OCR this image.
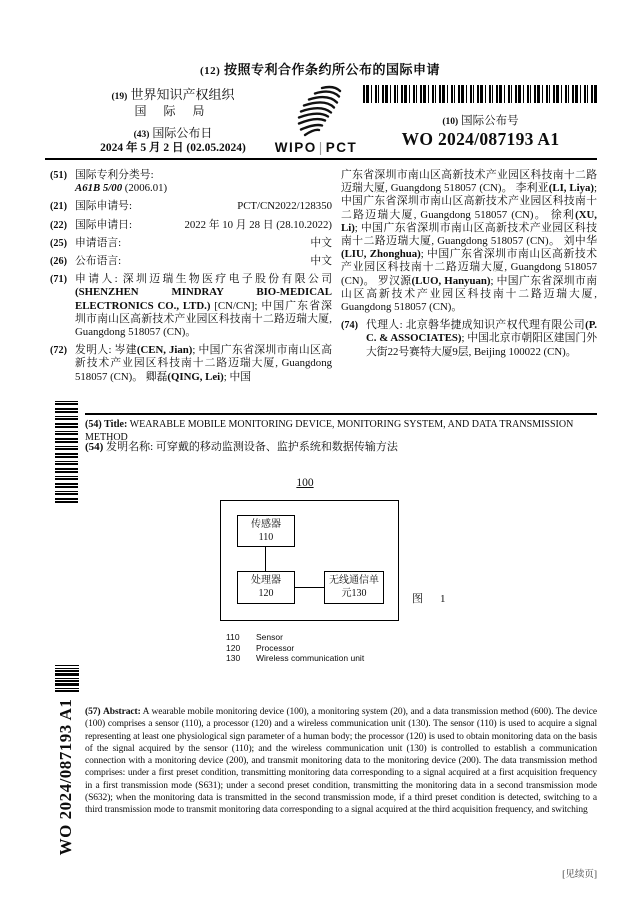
(12) 按照专利合作条约所公布的国际申请
(19) 世界知识产权组织
国 际 局
(43) 国际公布日
2024 年 5 月 2 日 (02.05.2024)	WIPO | PCT
(10) 国际公布号
WO 2024/087193 A1
(51) 国际专利分类号:
A61B 5/00 (2006.01)
(21) 国际申请号:	PCT/CN2022/128350
(22) 国际申请日:	2022 年 10 月 28 日 (28.10.2022)
(25) 申请语言:	中文
(26) 公布语言:	中文
(71) 申请人: 深圳迈瑞生物医疗电子股份有限公司 (SHENZHEN MINDRAY BIO-MEDICAL ELECTRONICS CO., LTD.) [CN/CN]; 中国广东省深圳市南山区高新技术产业园区科技南十二路迈瑞大厦, Guangdong 518057 (CN)。
(72) 发明人: 岑建(CEN, Jian); 中国广东省深圳市南山区高新技术产业园区科技南十二路迈瑞大厦, Guangdong 518057 (CN)。 卿磊(QING, Lei); 中国
广东省深圳市南山区高新技术产业园区科技南十二路迈瑞大厦, Guangdong 518057 (CN)。 李利亚(LI, Liya); 中国广东省深圳市南山区高新技术产业园区科技南十二路迈瑞大厦, Guangdong 518057 (CN)。 徐利(XU, Li); 中国广东省深圳市南山区高新技术产业园区科技南十二路迈瑞大厦, Guangdong 518057 (CN)。 刘中华(LIU, Zhonghua); 中国广东省深圳市南山区高新技术产业园区科技南十二路迈瑞大厦, Guangdong 518057 (CN)。 罗汉源(LUO, Hanyuan); 中国广东省深圳市南山区高新技术产业园区科技南十二路迈瑞大厦, Guangdong 518057 (CN)。
(74) 代理人: 北京磐华捷成知识产权代理有限公司(P. C. & ASSOCIATES); 中国北京市朝阳区建国门外大街22号赛特大厦9层, Beijing 100022 (CN)。
(54) Title: WEARABLE MOBILE MONITORING DEVICE, MONITORING SYSTEM, AND DATA TRANSMISSION METHOD
(54) 发明名称: 可穿戴的移动监测设备、监护系统和数据传输方法
100
传感器
110
处理器
120
无线通信单
元130	图 1
110 Sensor
120 Processor
130 Wireless communication unit
(57) Abstract: A wearable mobile monitoring device (100), a monitoring system (20), and a data transmission method (600). The device (100) comprises a sensor (110), a processor (120) and a wireless communication unit (130). The sensor (110) is used to acquire a signal representing at least one physiological sign parameter of a human body; the processor (120) is used to obtain monitoring data on the basis of the signal acquired by the sensor (110); and the wireless communication unit (130) is controlled to establish a communication connection with a monitoring device (200), and transmit monitoring data to the monitoring device (200). The data transmission method comprises: under a first preset condition, transmitting monitoring data corresponding to a signal acquired at a first acquisition frequency in a first transmission mode (S631); under a second preset condition, transmitting the monitoring data in a second transmission mode (S632); when the monitoring data is transmitted in the second transmission mode, if a third preset condition is detected, switching to a third transmission mode to transmit monitoring data corresponding to a signal acquired at the third acquisition frequency, and switching
WO 2024/087193 A1
[见续页]
